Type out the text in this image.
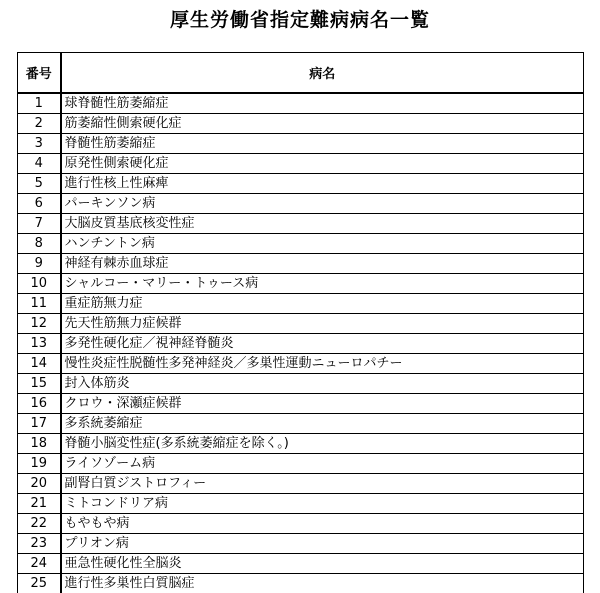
厚生労働省指定難病病名一覧
番号	病名
1	球脊髄性筋萎縮症
2	筋萎縮性側索硬化症
3	脊髄性筋萎縮症
4	原発性側索硬化症
5	進行性核上性麻痺
6	パーキンソン病
7	大脳皮質基底核変性症
8	ハンチントン病
9	神経有棘赤血球症
10	シャルコー・マリー・トゥース病
11	重症筋無力症
12	先天性筋無力症候群
13	多発性硬化症／視神経脊髄炎
14	慢性炎症性脱髄性多発神経炎／多巣性運動ニューロパチー
15	封入体筋炎
16	クロウ・深瀬症候群
17	多系統萎縮症
18	脊髄小脳変性症(多系統萎縮症を除く。)
19	ライソゾーム病
20	副腎白質ジストロフィー
21	ミトコンドリア病
22	もやもや病
23	プリオン病
24	亜急性硬化性全脳炎
25	進行性多巣性白質脳症
